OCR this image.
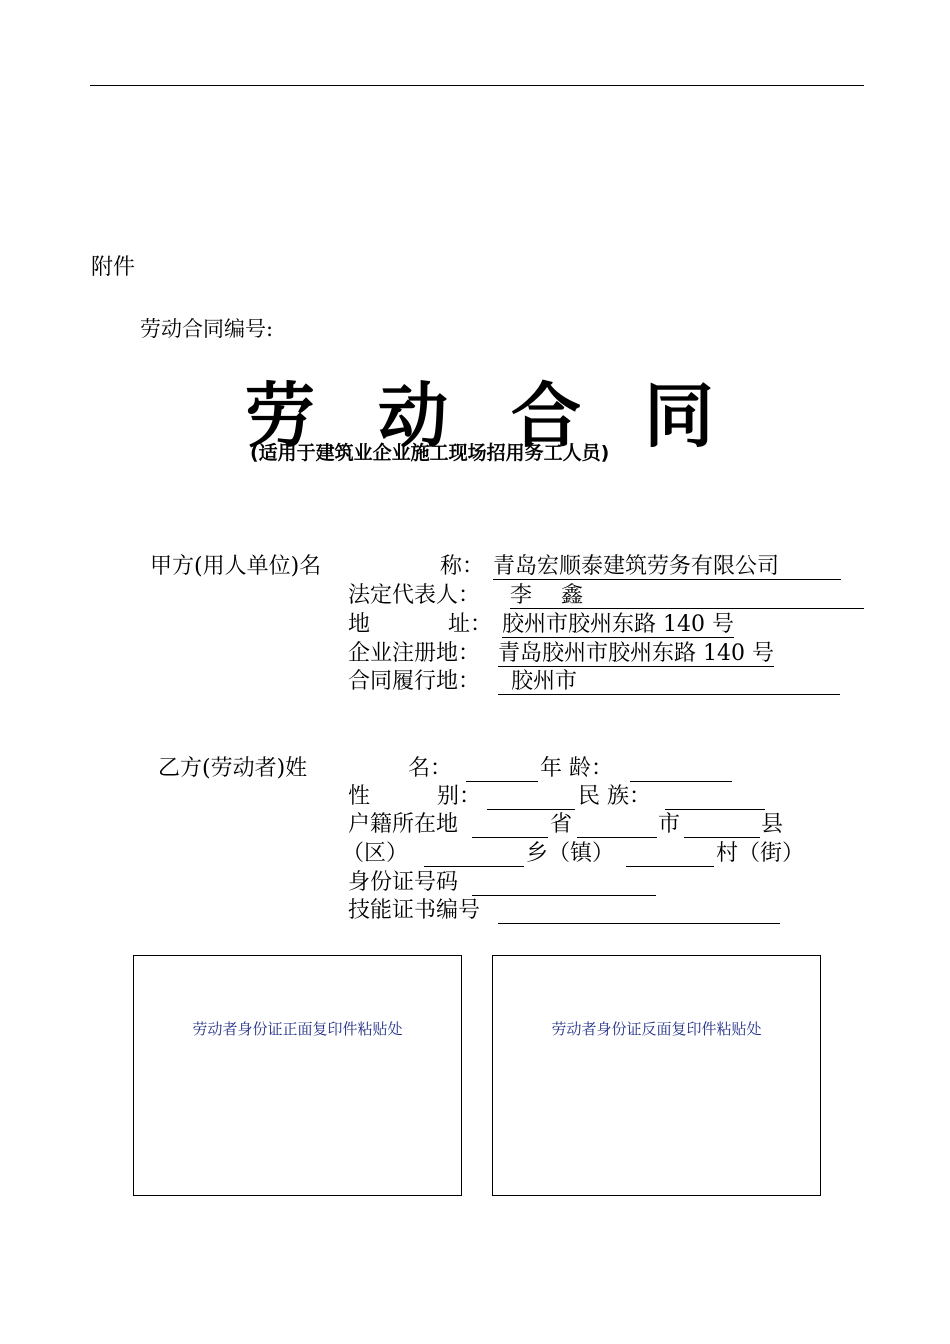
附件
劳动合同编号:
劳 动 合 同
(适用于建筑业企业施工现场招用务工人员)
甲方(用人单位)名	称： 青岛宏顺泰建筑劳务有限公司
法定代表人： 李　 鑫
地	址： 胶州市胶州东路 140 号
企业注册地： 青岛胶州市胶州东路 140 号
合同履行地：	胶州市
乙方(劳动者)姓	名：	年 龄：
性	别：	民 族：
户籍所在地	省	市	县
（区）	乡（镇）	村（街）
身份证号码
技能证书编号
劳动者身份证正面复印件粘贴处	劳动者身份证反面复印件粘贴处
